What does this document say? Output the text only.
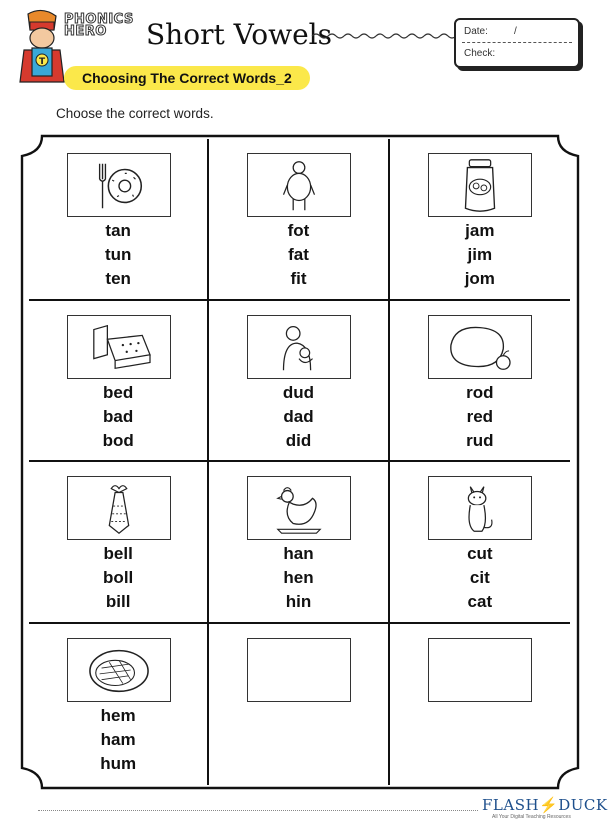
T
PHONICS HERO	Short Vowels
Choosing The Correct Words_2
Date:	/
Check:
Choose the correct words.
tan
tun
ten
fot
fat
fit
jam
jim
jom
bed
bad
bod
dud
dad
did
rod
red
rud
bell
boll
bill
han
hen
hin
cut
cit
cat
hem
ham
hum
FLASH⚡DUCK
All Your Digital Teaching Resources
